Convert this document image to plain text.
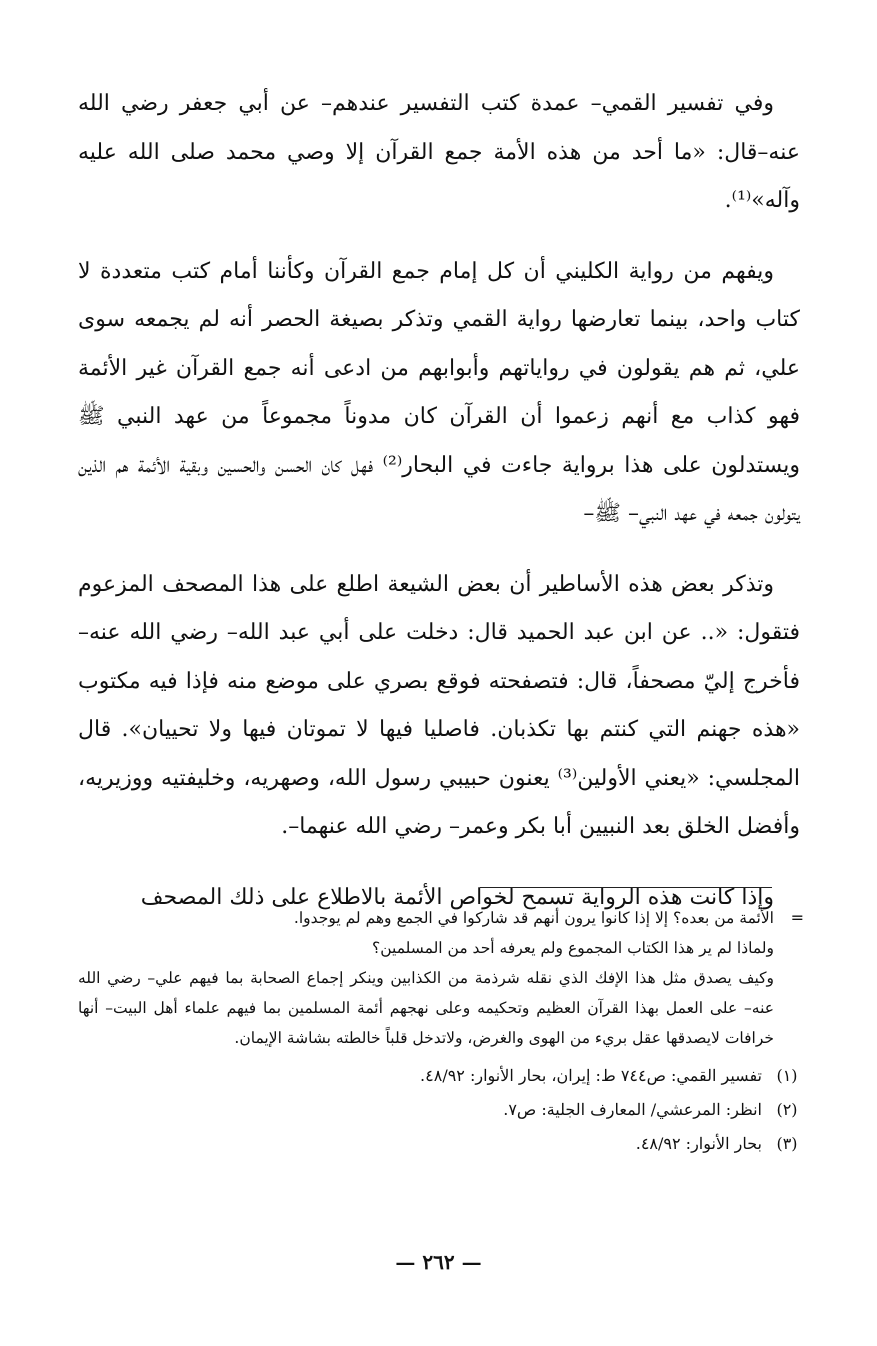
وفي تفسير القمي– عمدة كتب التفسير عندهم– عن أبي جعفر رضي الله عنه–قال: «ما أحد من هذه الأمة جمع القرآن إلا وصي محمد صلى الله عليه وآله»⁽¹⁾.

ويفهم من رواية الكليني أن كل إمام جمع القرآن وكأننا أمام كتب متعددة لا كتاب واحد، بينما تعارضها رواية القمي وتذكر بصيغة الحصر أنه لم يجمعه سوى علي، ثم هم يقولون في رواياتهم وأبوابهم من ادعى أنه جمع القرآن غير الأئمة فهو كذاب مع أنهم زعموا أن القرآن كان مدوناً مجموعاً من عهد النبي ﷺ ويستدلون على هذا برواية جاءت في البحار⁽²⁾ فهل كان الحسن والحسين وبقية الأئمة هم الذين يتولون جمعه في عهد النبي– ﷺ–

وتذكر بعض هذه الأساطير أن بعض الشيعة اطلع على هذا المصحف المزعوم فتقول: «.. عن ابن عبد الحميد قال: دخلت على أبي عبد الله– رضي الله عنه– فأخرج إليّ مصحفاً، قال: فتصفحته فوقع بصري على موضع منه فإذا فيه مكتوب «هذه جهنم التي كنتم بها تكذبان. فاصليا فيها لا تموتان فيها ولا تحييان». قال المجلسي: «يعني الأولين⁽³⁾ يعنون حبيبي رسول الله، وصهريه، وخليفتيه ووزيريه، وأفضل الخلق بعد النبيين أبا بكر وعمر– رضي الله عنهما–.

وإذا كانت هذه الرواية تسمح لخواص الأئمة بالاطلاع على ذلك المصحف

=

الأئمة من بعده؟ إلا إذا كانوا يرون أنهم قد شاركوا في الجمع وهم لم يوجدوا.

ولماذا لم ير هذا الكتاب المجموع ولم يعرفه أحد من المسلمين؟

وكيف يصدق مثل هذا الإفك الذي نقله شرذمة من الكذابين وينكر إجماع الصحابة بما فيهم علي– رضي الله عنه– على العمل بهذا القرآن العظيم وتحكيمه وعلى نهجهم أئمة المسلمين بما فيهم علماء أهل البيت– أنها خرافات لايصدقها عقل بريء من الهوى والغرض، ولاتدخل قلباً خالطته بشاشة الإيمان.

(١)
تفسير القمي: ص٧٤٤ ط: إيران، بحار الأنوار: ٤٨/٩٢.

(٢)
انظر: المرعشي/ المعارف الجلية: ص٧.

(٣)
بحار الأنوار: ٤٨/٩٢.

— ٢٦٢ —
